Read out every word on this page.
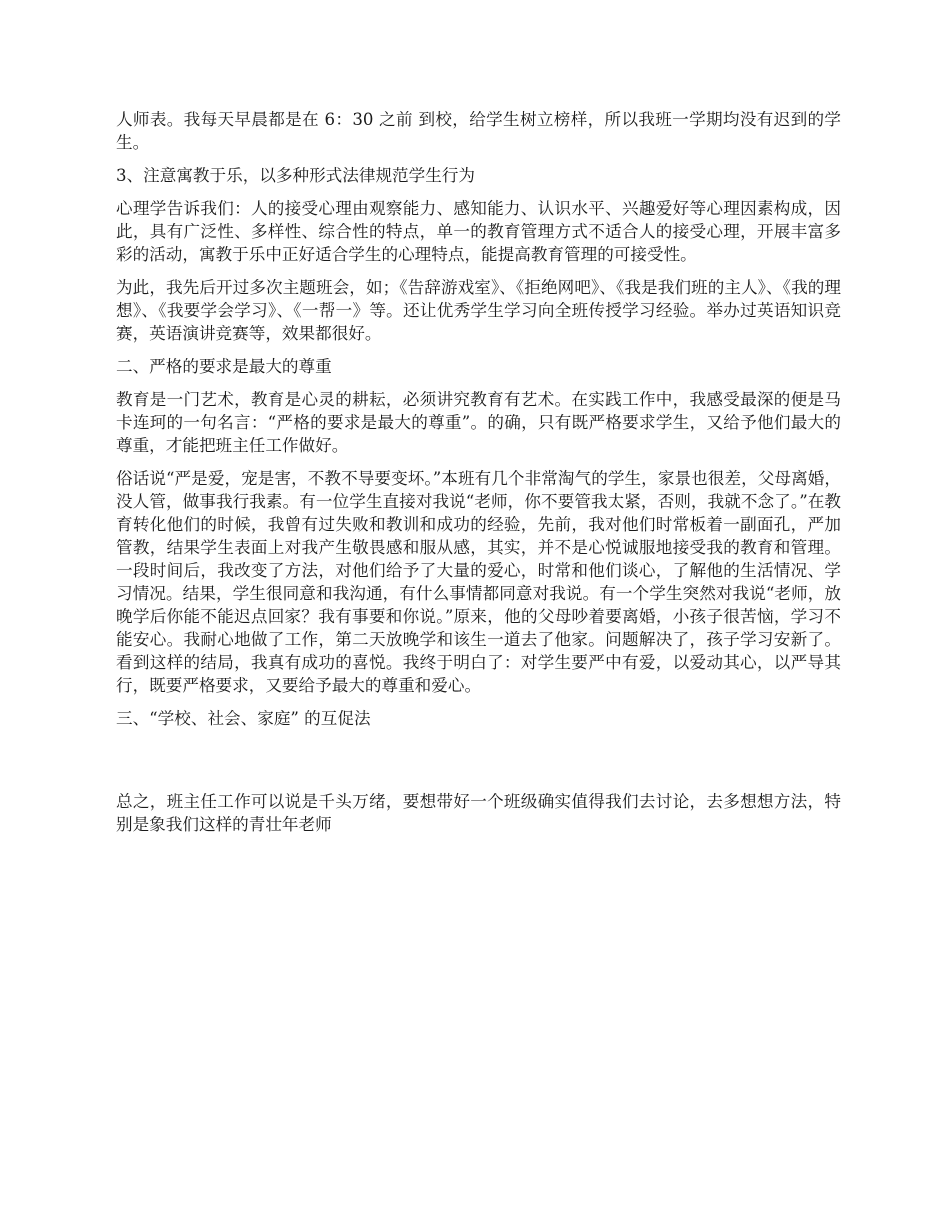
人师表。我每天早晨都是在 6：30 之前 到校，给学生树立榜样，所以我班一学期均没有迟到的学生。

3、注意寓教于乐，以多种形式法律规范学生行为

心理学告诉我们：人的接受心理由观察能力、感知能力、认识水平、兴趣爱好等心理因素构成，因此，具有广泛性、多样性、综合性的特点，单一的教育管理方式不适合人的接受心理，开展丰富多彩的活动，寓教于乐中正好适合学生的心理特点，能提高教育管理的可接受性。

为此，我先后开过多次主题班会，如；《告辞游戏室》、《拒绝网吧》、《我是我们班的主人》、《我的理想》、《我要学会学习》、《一帮一》等。还让优秀学生学习向全班传授学习经验。举办过英语知识竞赛，英语演讲竞赛等，效果都很好。

二、严格的要求是最大的尊重

教育是一门艺术，教育是心灵的耕耘，必须讲究教育有艺术。在实践工作中，我感受最深的便是马卡连珂的一句名言：“严格的要求是最大的尊重”。的确，只有既严格要求学生，又给予他们最大的尊重，才能把班主任工作做好。

俗话说“严是爱，宠是害，不教不导要变坏。”本班有几个非常淘气的学生，家景也很差，父母离婚，没人管，做事我行我素。有一位学生直接对我说“老师，你不要管我太紧，否则，我就不念了。”在教育转化他们的时候，我曾有过失败和教训和成功的经验，先前，我对他们时常板着一副面孔，严加管教，结果学生表面上对我产生敬畏感和服从感，其实，并不是心悦诚服地接受我的教育和管理。一段时间后，我改变了方法，对他们给予了大量的爱心，时常和他们谈心，了解他的生活情况、学习情况。结果，学生很同意和我沟通，有什么事情都同意对我说。有一个学生突然对我说“老师，放晚学后你能不能迟点回家？我有事要和你说。”原来，他的父母吵着要离婚，小孩子很苦恼，学习不能安心。我耐心地做了工作，第二天放晚学和该生一道去了他家。问题解决了，孩子学习安新了。看到这样的结局，我真有成功的喜悦。我终于明白了：对学生要严中有爱，以爱动其心，以严导其行，既要严格要求，又要给予最大的尊重和爱心。

三、“学校、社会、家庭” 的互促法

总之，班主任工作可以说是千头万绪，要想带好一个班级确实值得我们去讨论，去多想想方法，特别是象我们这样的青壮年老师
